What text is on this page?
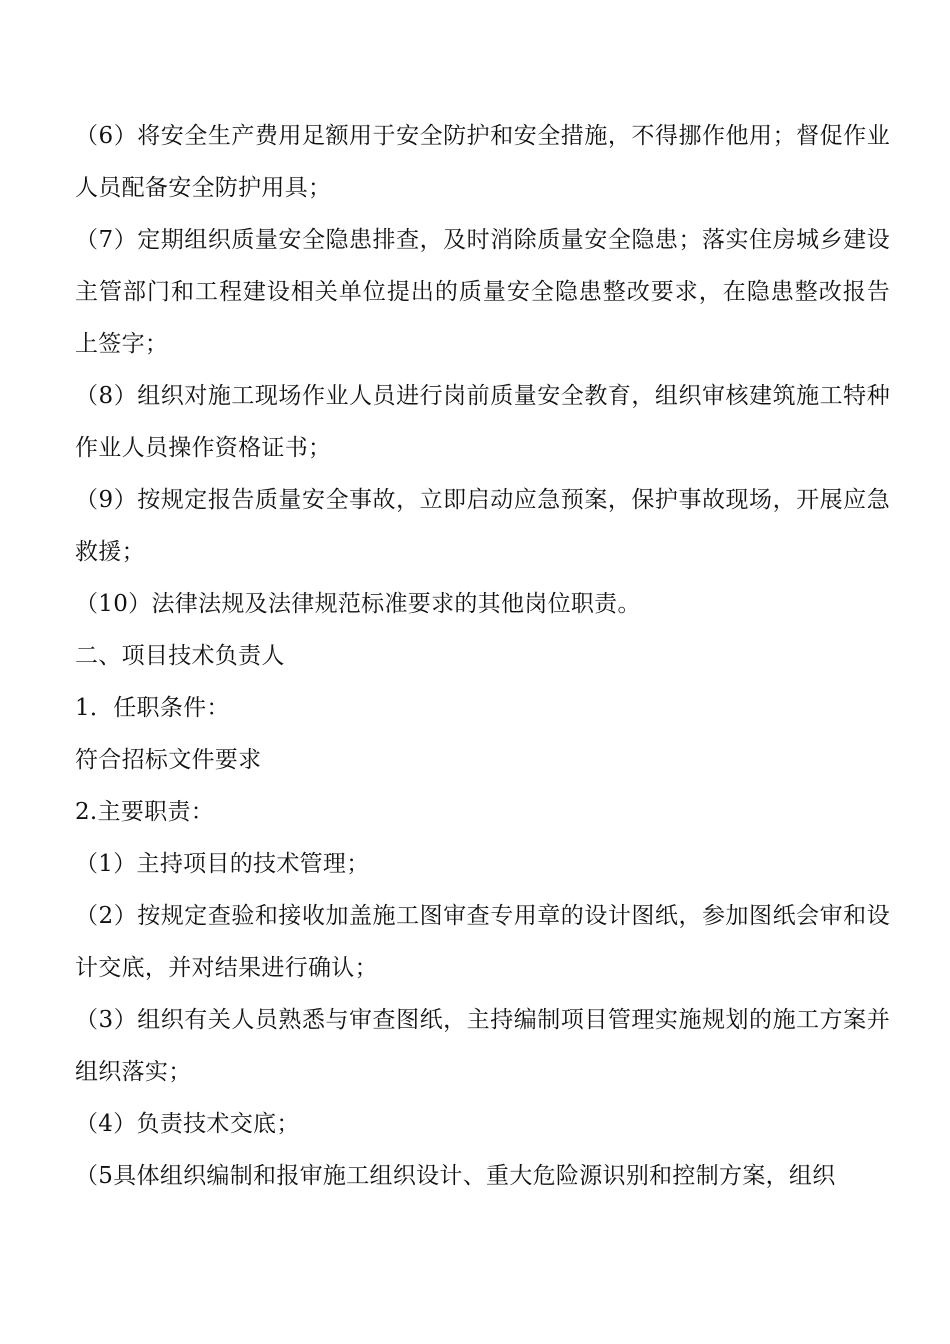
（6）将安全生产费用足额用于安全防护和安全措施，不得挪作他用；督促作业人员配备安全防护用具；

（7）定期组织质量安全隐患排查，及时消除质量安全隐患；落实住房城乡建设主管部门和工程建设相关单位提出的质量安全隐患整改要求，在隐患整改报告上签字；

（8）组织对施工现场作业人员进行岗前质量安全教育，组织审核建筑施工特种作业人员操作资格证书；

（9）按规定报告质量安全事故，立即启动应急预案，保护事故现场，开展应急救援；

（10）法律法规及法律规范标准要求的其他岗位职责。

二、项目技术负责人

1．任职条件：

符合招标文件要求

2.主要职责：

（1）主持项目的技术管理；

（2）按规定查验和接收加盖施工图审查专用章的设计图纸，参加图纸会审和设计交底，并对结果进行确认；

（3）组织有关人员熟悉与审查图纸，主持编制项目管理实施规划的施工方案并组织落实；

（4）负责技术交底；

（5具体组织编制和报审施工组织设计、重大危险源识别和控制方案，组织
